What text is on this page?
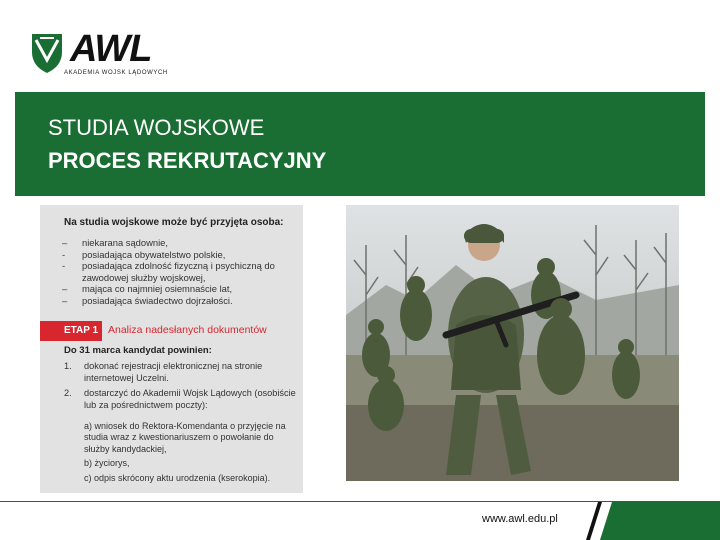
AWL
AKADEMIA WOJSK LĄDOWYCH
STUDIA WOJSKOWE
PROCES REKRUTACYJNY
Na studia wojskowe może być przyjęta osoba:
–	niekarana sądownie,
-	posiadająca obywatelstwo polskie,
-	posiadająca zdolność fizyczną i psychiczną do zawodowej służby wojskowej,
–	mająca co najmniej osiemnaście lat,
–	posiadająca świadectwo dojrzałości.
ETAP 1 Analiza nadesłanych dokumentów
Do 31 marca kandydat powinien:
1.	dokonać rejestracji elektronicznej na stronie internetowej Uczelni.
2.	dostarczyć do Akademii Wojsk Lądowych (osobiście lub za pośrednictwem poczty):
a) wniosek do Rektora-Komendanta o przyjęcie na studia wraz z kwestionariuszem o powołanie do służby kandydackiej,
b) życiorys,
c) odpis skrócony aktu urodzenia (kserokopia).
www.awl.edu.pl
